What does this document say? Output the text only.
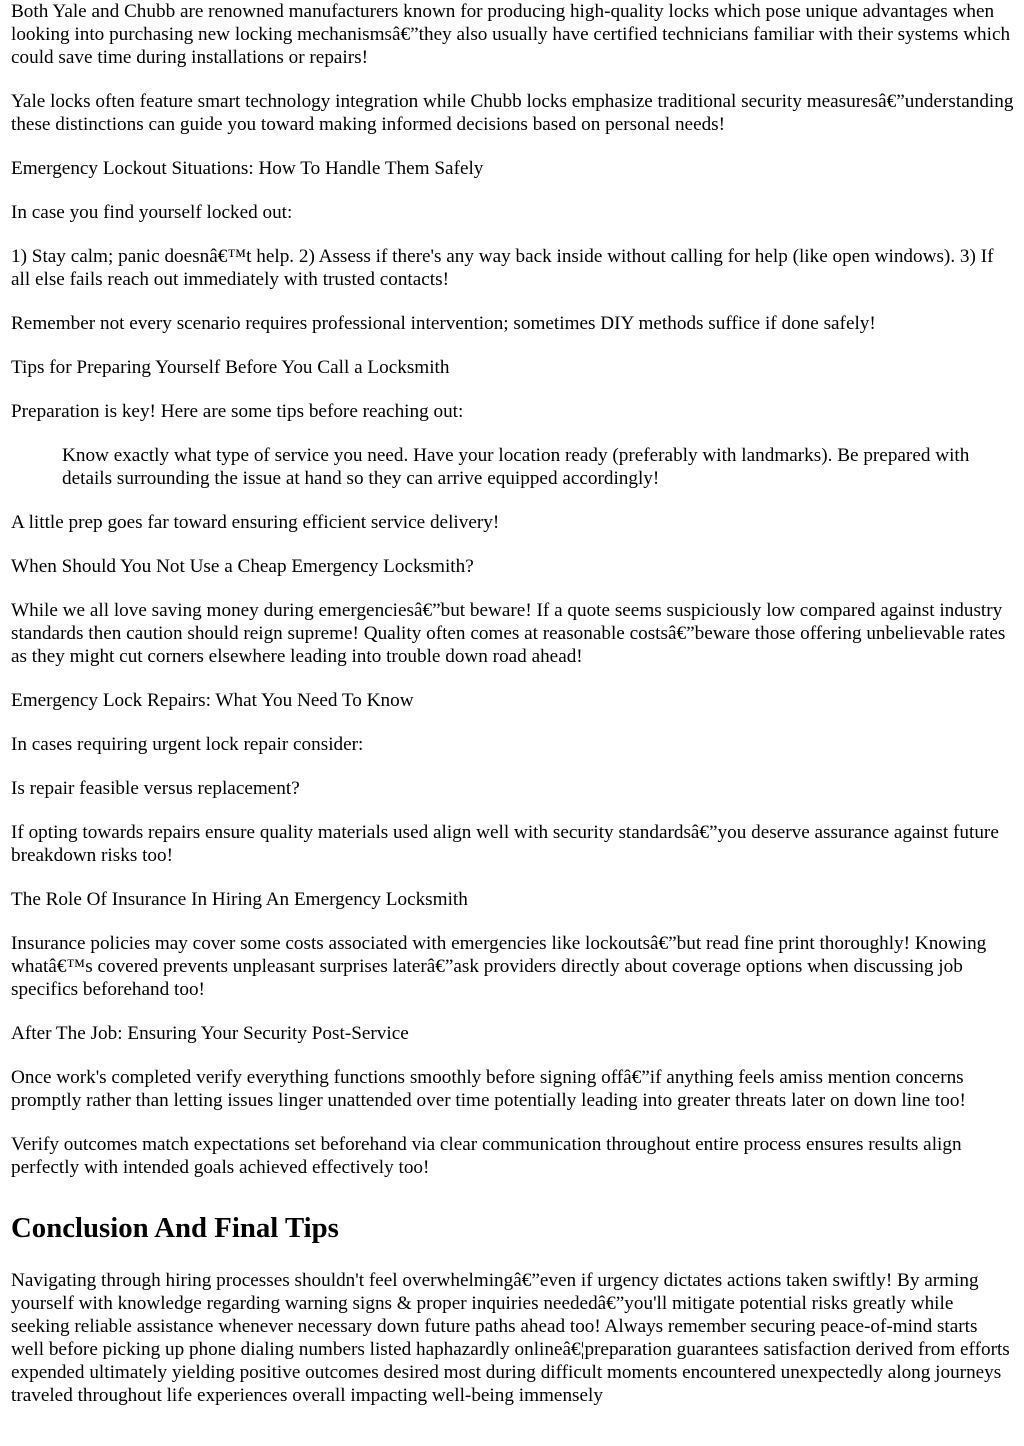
Both Yale and Chubb are renowned manufacturers known for producing high-quality locks which pose unique advantages when looking into purchasing new locking mechanismsâ€”they also usually have certified technicians familiar with their systems which could save time during installations or repairs!

Yale locks often feature smart technology integration while Chubb locks emphasize traditional security measuresâ€”understanding these distinctions can guide you toward making informed decisions based on personal needs!

Emergency Lockout Situations: How To Handle Them Safely

In case you find yourself locked out:

1) Stay calm; panic doesnâ€™t help. 2) Assess if there's any way back inside without calling for help (like open windows). 3) If all else fails reach out immediately with trusted contacts!

Remember not every scenario requires professional intervention; sometimes DIY methods suffice if done safely!

Tips for Preparing Yourself Before You Call a Locksmith

Preparation is key! Here are some tips before reaching out:

Know exactly what type of service you need. Have your location ready (preferably with landmarks). Be prepared with details surrounding the issue at hand so they can arrive equipped accordingly!

A little prep goes far toward ensuring efficient service delivery!

When Should You Not Use a Cheap Emergency Locksmith?

While we all love saving money during emergenciesâ€”but beware! If a quote seems suspiciously low compared against industry standards then caution should reign supreme! Quality often comes at reasonable costsâ€”beware those offering unbelievable rates as they might cut corners elsewhere leading into trouble down road ahead!

Emergency Lock Repairs: What You Need To Know

In cases requiring urgent lock repair consider:

Is repair feasible versus replacement?

If opting towards repairs ensure quality materials used align well with security standardsâ€”you deserve assurance against future breakdown risks too!

The Role Of Insurance In Hiring An Emergency Locksmith

Insurance policies may cover some costs associated with emergencies like lockoutsâ€”but read fine print thoroughly! Knowing whatâ€™s covered prevents unpleasant surprises laterâ€”ask providers directly about coverage options when discussing job specifics beforehand too!

After The Job: Ensuring Your Security Post-Service

Once work's completed verify everything functions smoothly before signing offâ€”if anything feels amiss mention concerns promptly rather than letting issues linger unattended over time potentially leading into greater threats later on down line too!

Verify outcomes match expectations set beforehand via clear communication throughout entire process ensures results align perfectly with intended goals achieved effectively too!

Conclusion And Final Tips

Navigating through hiring processes shouldn't feel overwhelmingâ€”even if urgency dictates actions taken swiftly! By arming yourself with knowledge regarding warning signs & proper inquiries neededâ€”you'll mitigate potential risks greatly while seeking reliable assistance whenever necessary down future paths ahead too! Always remember securing peace-of-mind starts well before picking up phone dialing numbers listed haphazardly onlineâ€¦preparation guarantees satisfaction derived from efforts expended ultimately yielding positive outcomes desired most during difficult moments encountered unexpectedly along journeys traveled throughout life experiences overall impacting well-being immensely
